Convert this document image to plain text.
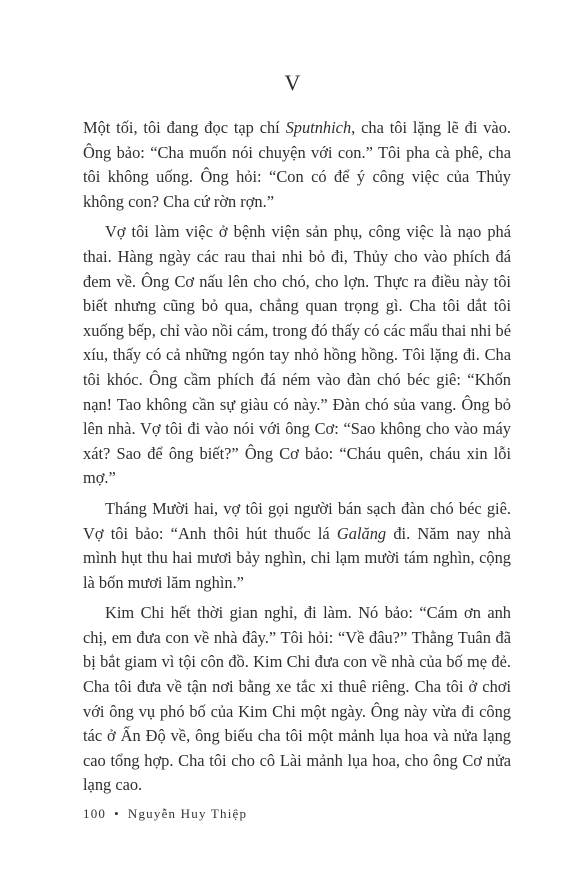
V

Một tối, tôi đang đọc tạp chí Sputnhich, cha tôi lặng lẽ đi vào. Ông bảo: “Cha muốn nói chuyện với con.” Tôi pha cà phê, cha tôi không uống. Ông hỏi: “Con có để ý công việc của Thủy không con? Cha cứ rờn rợn.”

Vợ tôi làm việc ở bệnh viện sản phụ, công việc là nạo phá thai. Hàng ngày các rau thai nhi bỏ đi, Thủy cho vào phích đá đem về. Ông Cơ nấu lên cho chó, cho lợn. Thực ra điều này tôi biết nhưng cũng bỏ qua, chẳng quan trọng gì. Cha tôi dắt tôi xuống bếp, chỉ vào nồi cám, trong đó thấy có các mẩu thai nhi bé xíu, thấy có cả những ngón tay nhỏ hồng hồng. Tôi lặng đi. Cha tôi khóc. Ông cầm phích đá ném vào đàn chó béc giê: “Khốn nạn! Tao không cần sự giàu có này.” Đàn chó sủa vang. Ông bỏ lên nhà. Vợ tôi đi vào nói với ông Cơ: “Sao không cho vào máy xát? Sao để ông biết?” Ông Cơ bảo: “Cháu quên, cháu xin lỗi mợ.”

Tháng Mười hai, vợ tôi gọi người bán sạch đàn chó béc giê. Vợ tôi bảo: “Anh thôi hút thuốc lá Galăng đi. Năm nay nhà mình hụt thu hai mươi bảy nghìn, chi lạm mười tám nghìn, cộng là bốn mươi lăm nghìn.”

Kim Chi hết thời gian nghỉ, đi làm. Nó bảo: “Cám ơn anh chị, em đưa con về nhà đây.” Tôi hỏi: “Về đâu?” Thằng Tuân đã bị bắt giam vì tội côn đồ. Kim Chi đưa con về nhà của bố mẹ đẻ. Cha tôi đưa về tận nơi bằng xe tắc xi thuê riêng. Cha tôi ở chơi với ông vụ phó bố của Kim Chi một ngày. Ông này vừa đi công tác ở Ấn Độ về, ông biếu cha tôi một mảnh lụa hoa và nửa lạng cao tổng hợp. Cha tôi cho cô Lài mảnh lụa hoa, cho ông Cơ nửa lạng cao.

100 • Nguyễn Huy Thiệp
